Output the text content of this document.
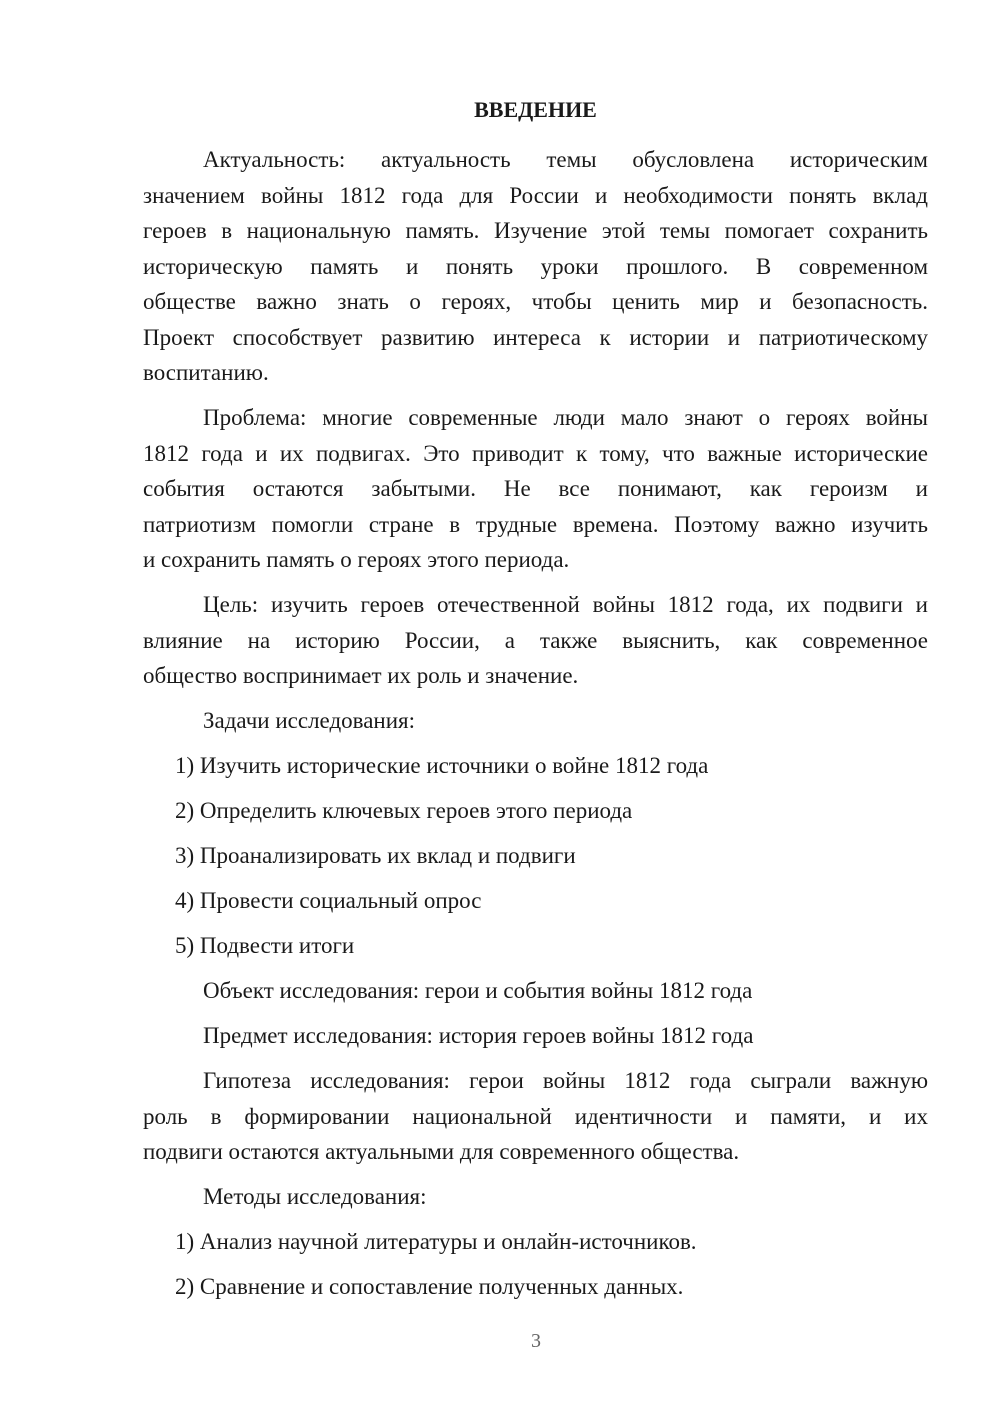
ВВЕДЕНИЕ
Актуальность: актуальность темы обусловлена историческим
значением войны 1812 года для России и необходимости понять вклад
героев в национальную память. Изучение этой темы помогает сохранить
историческую память и понять уроки прошлого. В современном
обществе важно знать о героях, чтобы ценить мир и безопасность.
Проект способствует развитию интереса к истории и патриотическому
воспитанию.
Проблема: многие современные люди мало знают о героях войны
1812 года и их подвигах. Это приводит к тому, что важные исторические
события остаются забытыми. Не все понимают, как героизм и
патриотизм помогли стране в трудные времена. Поэтому важно изучить
и сохранить память о героях этого периода.
Цель: изучить героев отечественной войны 1812 года, их подвиги и
влияние на историю России, а также выяснить, как современное
общество воспринимает их роль и значение.
Задачи исследования:
1) Изучить исторические источники о войне 1812 года
2) Определить ключевых героев этого периода
3) Проанализировать их вклад и подвиги
4) Провести социальный опрос
5) Подвести итоги
Объект исследования: герои и события войны 1812 года
Предмет исследования: история героев войны 1812 года
Гипотеза исследования: герои войны 1812 года сыграли важную
роль в формировании национальной идентичности и памяти, и их
подвиги остаются актуальными для современного общества.
Методы исследования:
1) Анализ научной литературы и онлайн-источников.
2) Сравнение и сопоставление полученных данных.
3
